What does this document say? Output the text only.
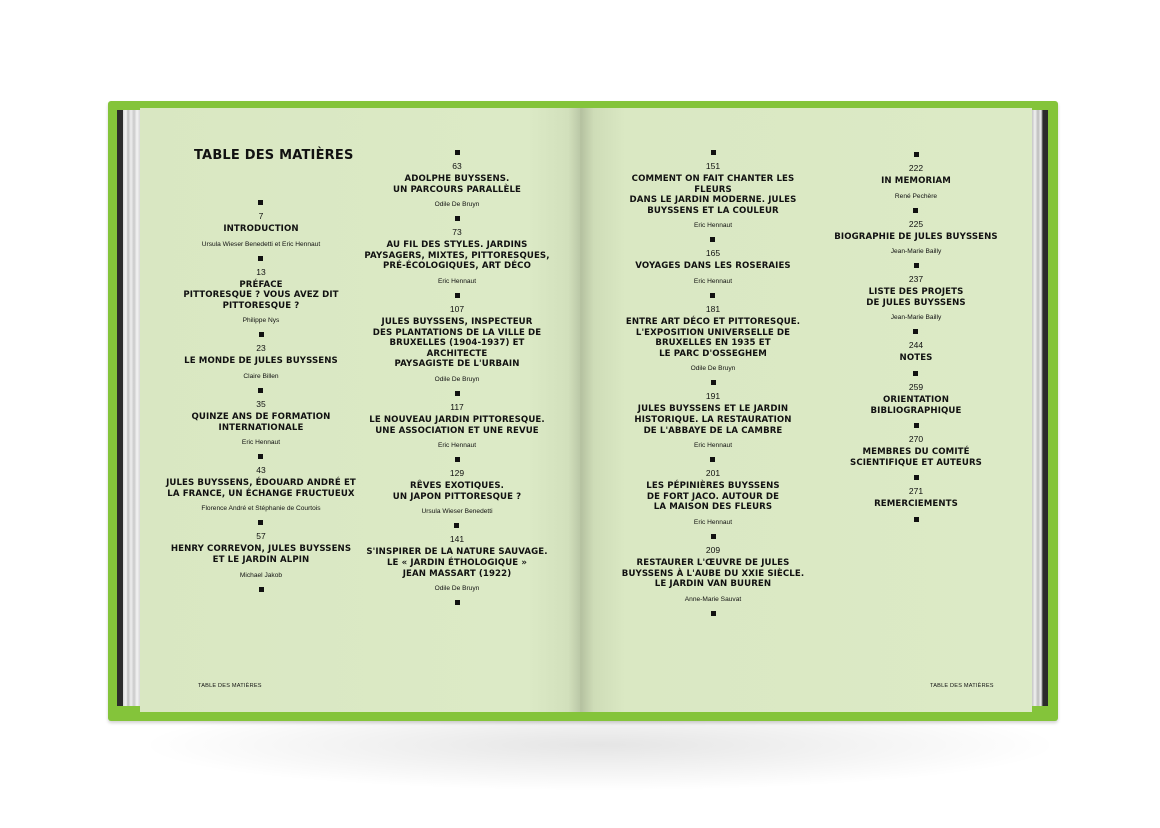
TABLE DES MATIÈRES
7
INTRODUCTION
Ursula Wieser Benedetti et Eric Hennaut
13
PRÉFACE
PITTORESQUE ? VOUS AVEZ DIT
PITTORESQUE ?
Philippe Nys
23
LE MONDE DE JULES BUYSSENS
Claire Billen
35
QUINZE ANS DE FORMATION
INTERNATIONALE
Eric Hennaut
43
JULES BUYSSENS, ÉDOUARD ANDRÉ ET
LA FRANCE, UN ÉCHANGE FRUCTUEUX
Florence André et Stéphanie de Courtois
57
HENRY CORREVON, JULES BUYSSENS
ET LE JARDIN ALPIN
Michael Jakob
63
ADOLPHE BUYSSENS.
UN PARCOURS PARALLÈLE
Odile De Bruyn
73
AU FIL DES STYLES. JARDINS
PAYSAGERS, MIXTES, PITTORESQUES,
PRÉ-ÉCOLOGIQUES, ART DÉCO
Eric Hennaut
107
JULES BUYSSENS, INSPECTEUR
DES PLANTATIONS DE LA VILLE DE
BRUXELLES (1904-1937) ET ARCHITECTE
PAYSAGISTE DE L'URBAIN
Odile De Bruyn
117
LE NOUVEAU JARDIN PITTORESQUE.
UNE ASSOCIATION ET UNE REVUE
Eric Hennaut
129
RÊVES EXOTIQUES.
UN JAPON PITTORESQUE ?
Ursula Wieser Benedetti
141
S'INSPIRER DE LA NATURE SAUVAGE.
LE « JARDIN ÉTHOLOGIQUE »
JEAN MASSART (1922)
Odile De Bruyn
151
COMMENT ON FAIT CHANTER LES FLEURS
DANS LE JARDIN MODERNE. JULES
BUYSSENS ET LA COULEUR
Eric Hennaut
165
VOYAGES DANS LES ROSERAIES
Eric Hennaut
181
ENTRE ART DÉCO ET PITTORESQUE.
L'EXPOSITION UNIVERSELLE DE
BRUXELLES EN 1935 ET
LE PARC D'OSSEGHEM
Odile De Bruyn
191
JULES BUYSSENS ET LE JARDIN
HISTORIQUE. LA RESTAURATION
DE L'ABBAYE DE LA CAMBRE
Eric Hennaut
201
LES PÉPINIÈRES BUYSSENS
DE FORT JACO. AUTOUR DE
LA MAISON DES FLEURS
Eric Hennaut
209
RESTAURER L'ŒUVRE DE JULES
BUYSSENS À L'AUBE DU XXIE SIÈCLE.
LE JARDIN VAN BUUREN
Anne-Marie Sauvat
222
IN MEMORIAM
René Pechère
225
BIOGRAPHIE DE JULES BUYSSENS
Jean-Marie Bailly
237
LISTE DES PROJETS
DE JULES BUYSSENS
Jean-Marie Bailly
244
NOTES
259
ORIENTATION
BIBLIOGRAPHIQUE
270
MEMBRES DU COMITÉ
SCIENTIFIQUE ET AUTEURS
271
REMERCIEMENTS
TABLE DES MATIÈRES	TABLE DES MATIÈRES
